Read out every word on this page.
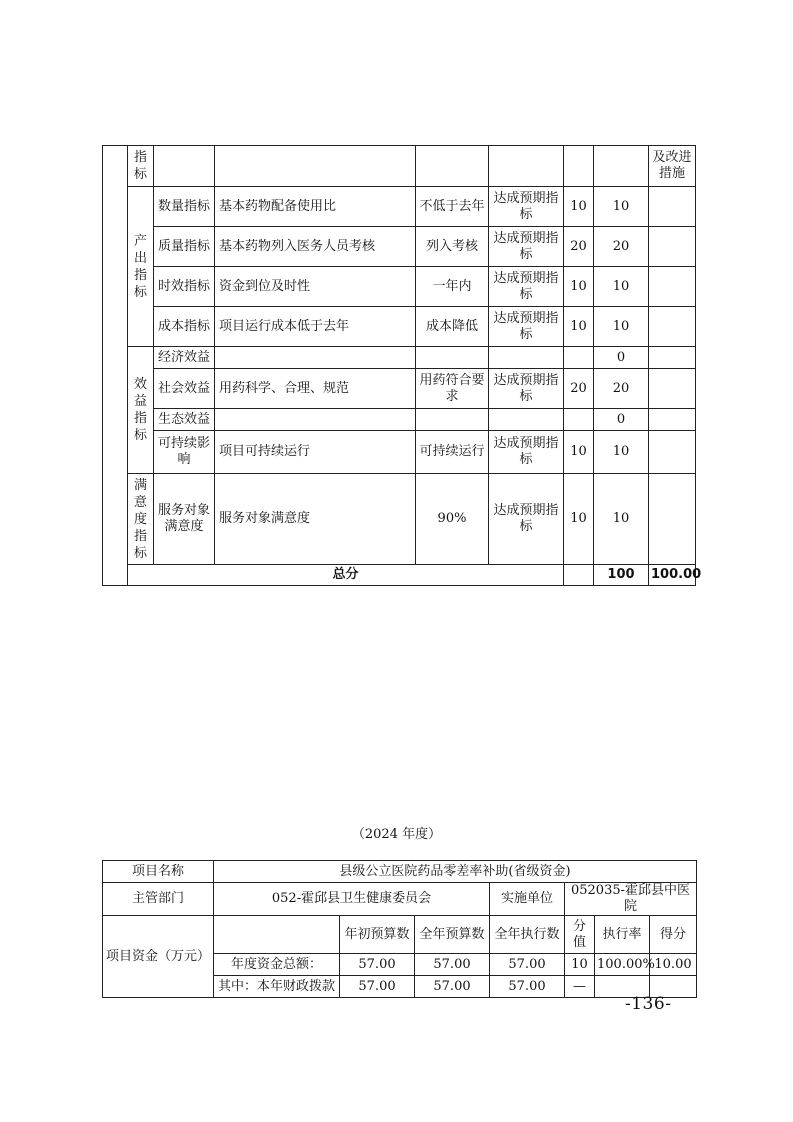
	指标							及改进措施	
	产出指标	数量指标	基本药物配备使用比	不低于去年	达成预期指标	10	10		
		质量指标	基本药物列入医务人员考核	列入考核	达成预期指标	20	20		
		时效指标	资金到位及时性	一年内	达成预期指标	10	10		
		成本指标	项目运行成本低于去年	成本降低	达成预期指标	10	10		
	效益指标	经济效益					0		
		社会效益	用药科学、合理、规范	用药符合要求	达成预期指标	20	20		
		生态效益					0		
		可持续影响	项目可持续运行	可持续运行	达成预期指标	10	10		
	满意度指标	服务对象满意度	服务对象满意度	90%	达成预期指标	10	10		
	总分						100	100.00	
（2024 年度）
项目名称	县级公立医院药品零差率补助(省级资金)						
主管部门	052-霍邱县卫生健康委员会			实施单位	052035-霍邱县中医院		
项目资金（万元）		年初预算数	全年预算数	全年执行数	分值	执行率	得分
	年度资金总额：	57.00	57.00	57.00	10	100.00%	10.00
	其中：本年财政拨款	57.00	57.00	57.00	—		
-136-
